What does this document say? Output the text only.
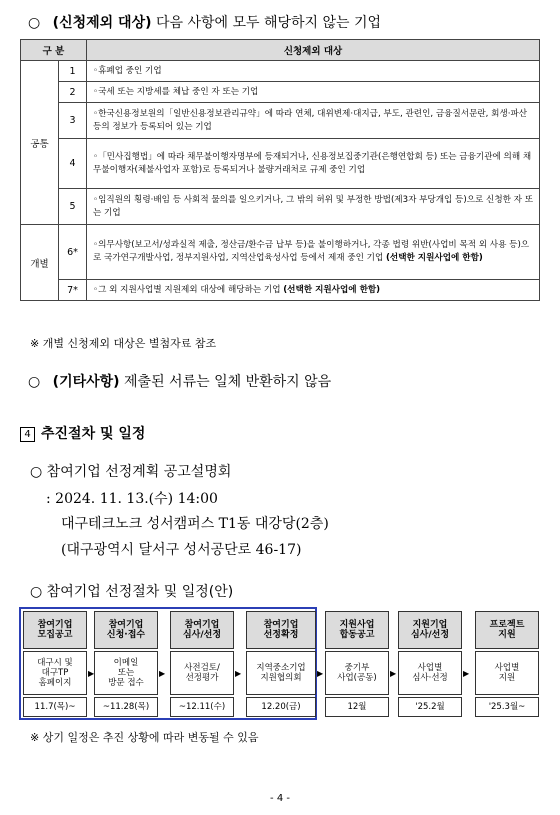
○ (신청제외 대상) 다음 사항에 모두 해당하지 않는 기업
구 분		신청제외 대상
공통	1	◦휴폐업 중인 기업
	2	◦국세 또는 지방세를 체납 중인 자 또는 기업
	3	◦한국신용정보원의「일반신용정보관리규약」에 따라 연체, 대위변제·대지급, 부도, 관련인, 금융질서문란, 회생·파산 등의 정보가 등록되어 있는 기업
	4	◦「민사집행법」에 따라 채무불이행자명부에 등재되거나, 신용정보집중기관(은행연합회 등) 또는 금융기관에 의해 채무불이행자(체불사업자 포함)로 등록되거나 불량거래처로 규제 중인 기업
	5	◦임직원의 횡령·배임 등 사회적 물의를 일으키거나, 그 밖의 허위 및 부정한 방법(제3자 부당개입 등)으로 신청한 자 또는 기업
개별	6*	◦의무사항(보고서/성과실적 제출, 정산금/환수금 납부 등)을 불이행하거나, 각종 법령 위반(사업비 목적 외 사용 등)으로 국가연구개발사업, 정부지원사업, 지역산업육성사업 등에서 제재 중인 기업 (선택한 지원사업에 한함)
	7*	◦그 외 지원사업별 지원제외 대상에 해당하는 기업 (선택한 지원사업에 한함)
※ 개별 신청제외 대상은 별첨자료 참조
○ (기타사항) 제출된 서류는 일체 반환하지 않음
4 추진절차 및 일정
○ 참여기업 선정계획 공고설명회
: 2024. 11. 13.(수) 14:00
대구테크노크 성서캠퍼스 T1동 대강당(2층)
(대구광역시 달서구 성서공단로 46-17)
○ 참여기업 선정절차 및 일정(안)
참여기업
모집공고
대구시 및
대구TP
홈페이지
11.7(목)~
▶
참여기업
신청·접수
이메일
또는
방문 접수
~11.28(목)
▶
참여기업
심사/선정
사전검토/
선정평가
~12.11(수)
▶
참여기업
선정확정
지역중소기업
지원협의회
12.20(금)
▶
지원사업
합동공고
중기부
사업(공동)
12월
▶
지원기업
심사/선정
사업별
심사·선정
'25.2월
▶
프로젝트
지원
사업별
지원
'25.3월~
※ 상기 일정은 추진 상황에 따라 변동될 수 있음
- 4 -
